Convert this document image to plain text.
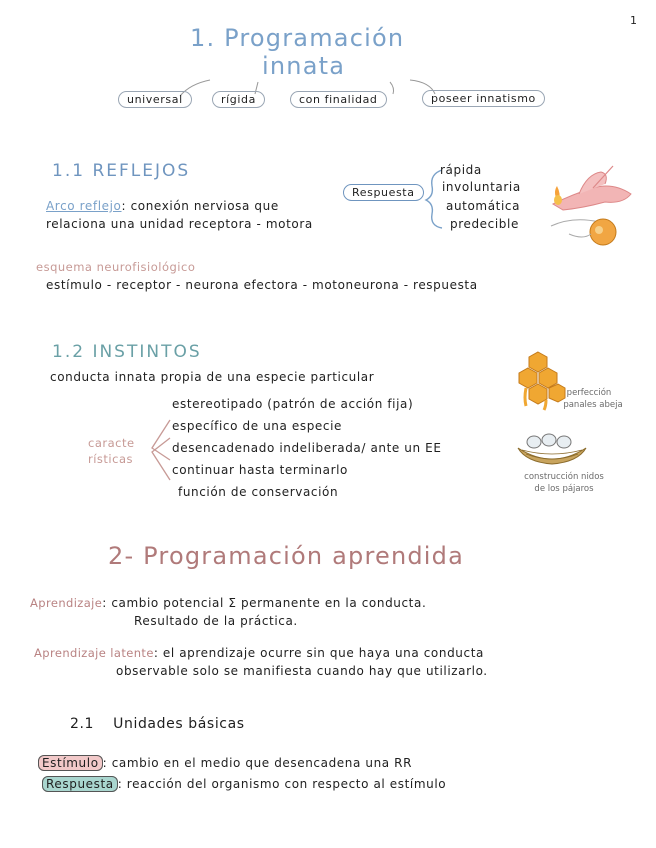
1
1. Programación
innata
universal	rígida	con finalidad	poseer innatismo
1.1 REFLEJOS
Arco reflejo: conexión nerviosa que
relaciona una unidad receptora - motora
Respuesta
rápida
involuntaria
automática
predecible
esquema neurofisiológico
estímulo - receptor - neurona efectora - motoneurona - respuesta
1.2 INSTINTOS
conducta innata propia de una especie particular
caracte
rísticas
estereotipado (patrón de acción fija)
específico de una especie
desencadenado indeliberada/ ante un EE
continuar hasta terminarlo
función de conservación
perfección
panales abeja
construcción nidos
de los pájaros
2- Programación aprendida
Aprendizaje: cambio potencial Σ permanente en la conducta.
Resultado de la práctica.
Aprendizaje latente: el aprendizaje ocurre sin que haya una conducta
observable solo se manifiesta cuando hay que utilizarlo.
2.1 Unidades básicas
Estímulo : cambio en el medio que desencadena una RR
Respuesta : reacción del organismo con respecto al estímulo
